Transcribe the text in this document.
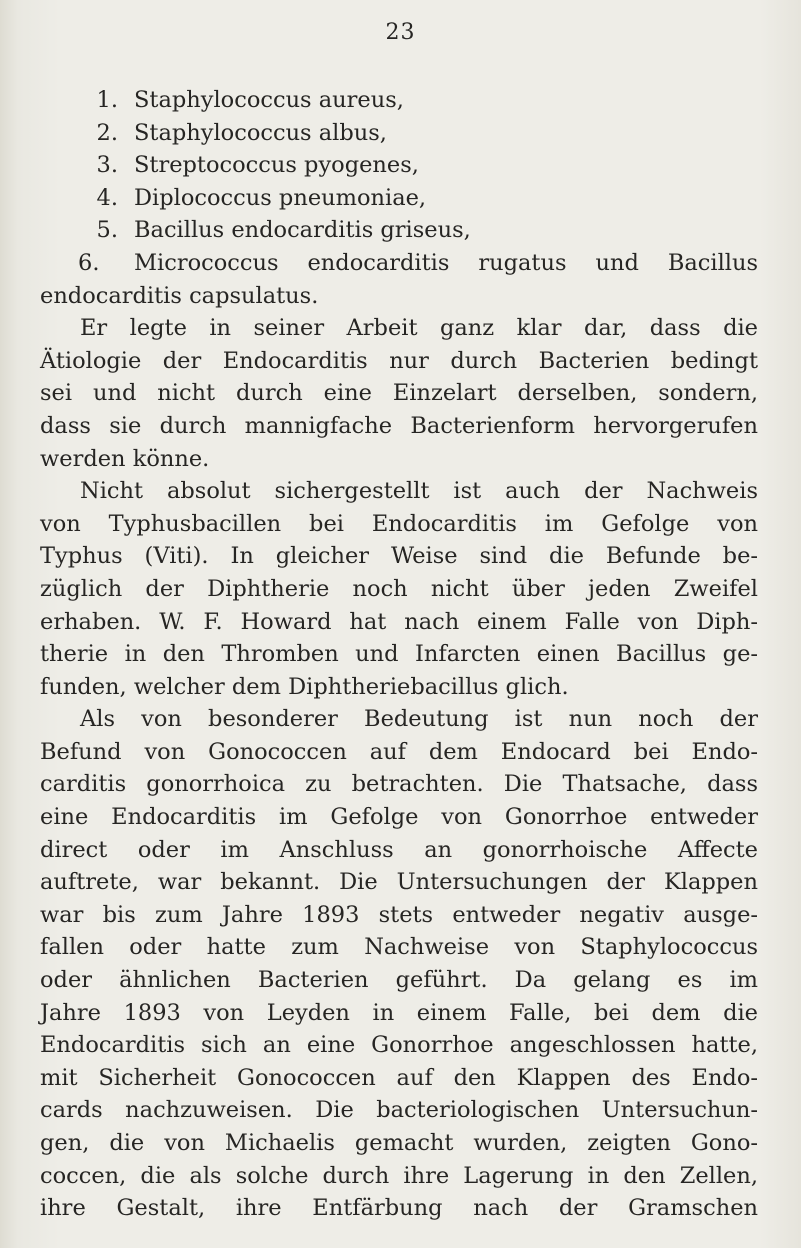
23
1. Staphylococcus aureus,
2. Staphylococcus albus,
3. Streptococcus pyogenes,
4. Diplococcus pneumoniae,
5. Bacillus endocarditis griseus,
6. Micrococcus endocarditis rugatus und Bacillus
endocarditis capsulatus.
Er legte in seiner Arbeit ganz klar dar, dass die
Ätiologie der Endocarditis nur durch Bacterien bedingt
sei und nicht durch eine Einzelart derselben, sondern,
dass sie durch mannigfache Bacterienform hervorgerufen
werden könne.
Nicht absolut sichergestellt ist auch der Nachweis
von Typhusbacillen bei Endocarditis im Gefolge von
Typhus (Viti). In gleicher Weise sind die Befunde be-
züglich der Diphtherie noch nicht über jeden Zweifel
erhaben. W. F. Howard hat nach einem Falle von Diph-
therie in den Thromben und Infarcten einen Bacillus ge-
funden, welcher dem Diphtheriebacillus glich.
Als von besonderer Bedeutung ist nun noch der
Befund von Gonococcen auf dem Endocard bei Endo-
carditis gonorrhoica zu betrachten. Die Thatsache, dass
eine Endocarditis im Gefolge von Gonorrhoe entweder
direct oder im Anschluss an gonorrhoische Affecte
auftrete, war bekannt. Die Untersuchungen der Klappen
war bis zum Jahre 1893 stets entweder negativ ausge-
fallen oder hatte zum Nachweise von Staphylococcus
oder ähnlichen Bacterien geführt. Da gelang es im
Jahre 1893 von Leyden in einem Falle, bei dem die
Endocarditis sich an eine Gonorrhoe angeschlossen hatte,
mit Sicherheit Gonococcen auf den Klappen des Endo-
cards nachzuweisen. Die bacteriologischen Untersuchun-
gen, die von Michaelis gemacht wurden, zeigten Gono-
coccen, die als solche durch ihre Lagerung in den Zellen,
ihre Gestalt, ihre Entfärbung nach der Gramschen
